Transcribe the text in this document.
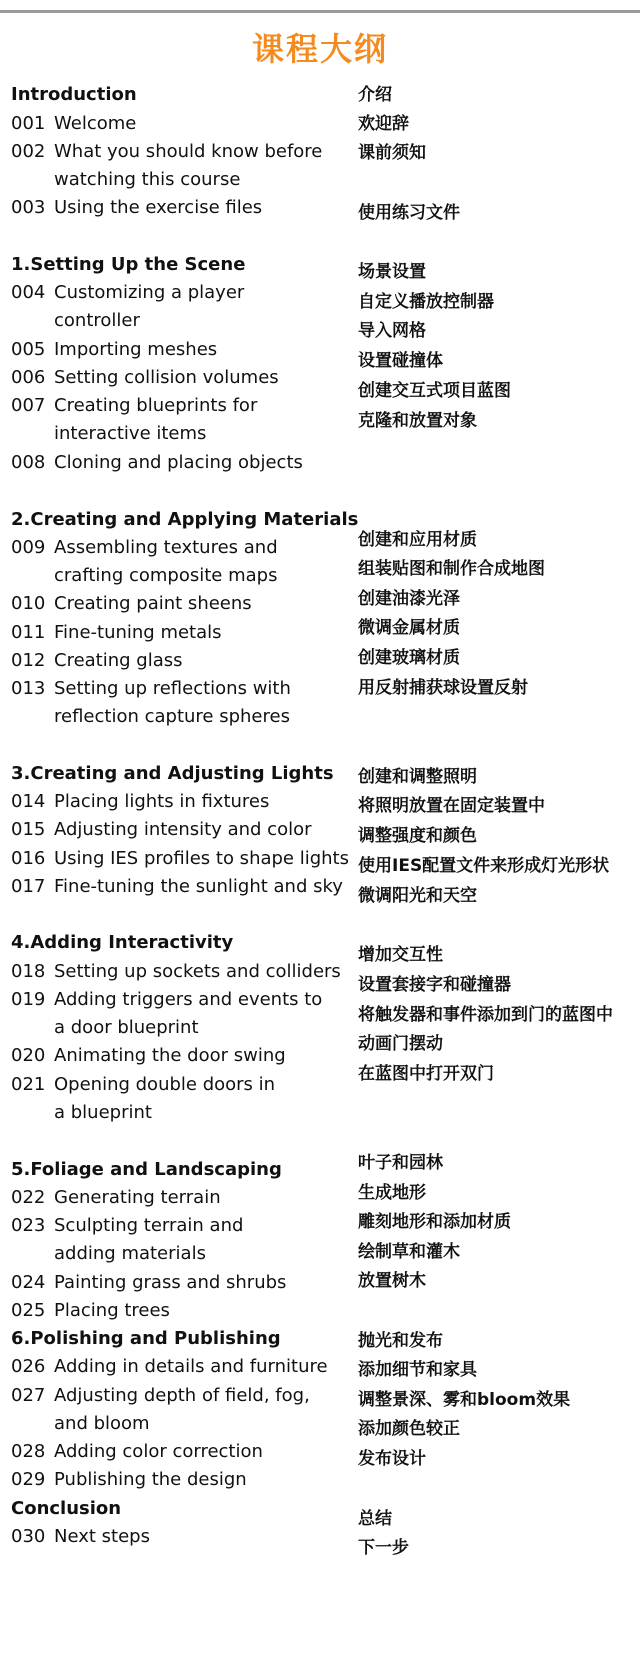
课程大纲
Introduction
001 Welcome
002 What you should know before
watching this course
003 Using the exercise files
1.Setting Up the Scene
004 Customizing a player
controller
005 Importing meshes
006 Setting collision volumes
007 Creating blueprints for
interactive items
008 Cloning and placing objects
2.Creating and Applying Materials
009 Assembling textures and
crafting composite maps
010 Creating paint sheens
011 Fine-tuning metals
012 Creating glass
013 Setting up reflections with
reflection capture spheres
3.Creating and Adjusting Lights
014 Placing lights in fixtures
015 Adjusting intensity and color
016 Using IES profiles to shape lights
017 Fine-tuning the sunlight and sky
4.Adding Interactivity
018 Setting up sockets and colliders
019 Adding triggers and events to
a door blueprint
020 Animating the door swing
021 Opening double doors in
a blueprint
5.Foliage and Landscaping
022 Generating terrain
023 Sculpting terrain and
adding materials
024 Painting grass and shrubs
025 Placing trees
6.Polishing and Publishing
026 Adding in details and furniture
027 Adjusting depth of field, fog,
and bloom
028 Adding color correction
029 Publishing the design
Conclusion
030 Next steps
介绍
欢迎辞
课前须知
使用练习文件
场景设置
自定义播放控制器
导入网格
设置碰撞体
创建交互式项目蓝图
克隆和放置对象
创建和应用材质
组装贴图和制作合成地图
创建油漆光泽
微调金属材质
创建玻璃材质
用反射捕获球设置反射
创建和调整照明
将照明放置在固定装置中
调整强度和颜色
使用IES配置文件来形成灯光形状
微调阳光和天空
增加交互性
设置套接字和碰撞器
将触发器和事件添加到门的蓝图中
动画门摆动
在蓝图中打开双门
叶子和园林
生成地形
雕刻地形和添加材质
绘制草和灌木
放置树木
抛光和发布
添加细节和家具
调整景深、雾和bloom效果
添加颜色较正
发布设计
总结
下一步
